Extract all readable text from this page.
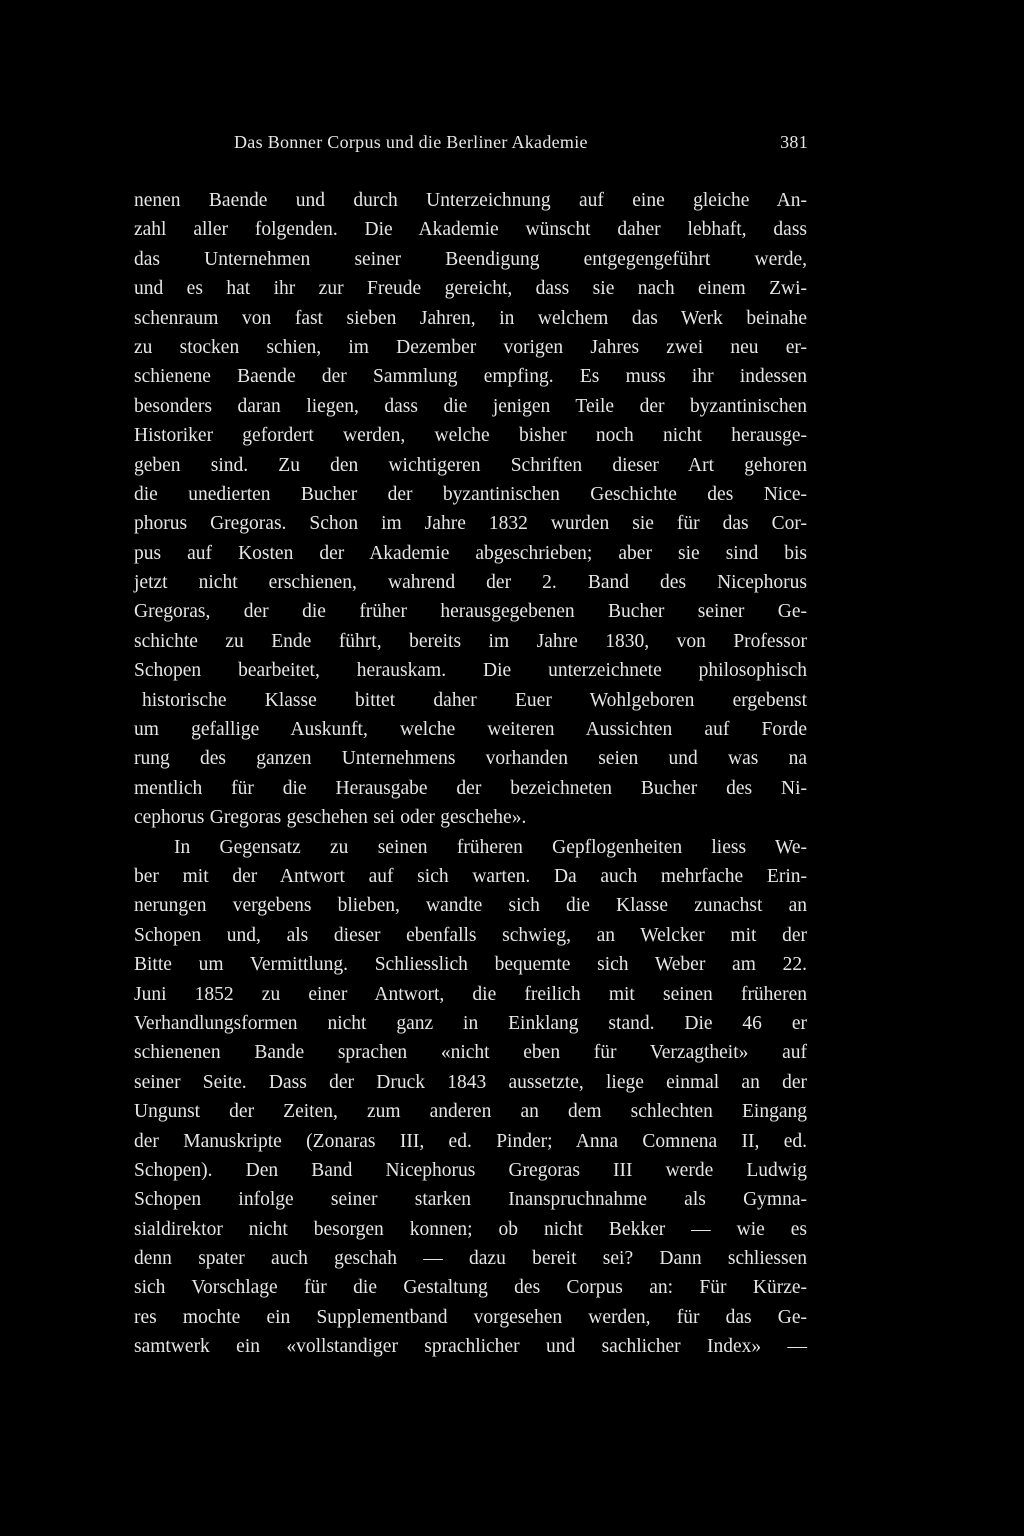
Das Bonner Corpus und die Berliner Akademie	381
nenen Baende und durch Unterzeichnung auf eine gleiche An-
zahl aller folgenden. Die Akademie wünscht daher lebhaft, dass
das Unternehmen seiner Beendigung entgegengeführt werde,
und es hat ihr zur Freude gereicht, dass sie nach einem Zwi-
schenraum von fast sieben Jahren, in welchem das Werk beinahe
zu stocken schien, im Dezember vorigen Jahres zwei neu er-
schienene Baende der Sammlung empfing. Es muss ihr indessen
besonders daran liegen, dass die jenigen Teile der byzantinischen
Historiker gefordert werden, welche bisher noch nicht herausge-
geben sind. Zu den wichtigeren Schriften dieser Art gehoren
die unedierten Bucher der byzantinischen Geschichte des Nice-
phorus Gregoras. Schon im Jahre 1832 wurden sie für das Cor-
pus auf Kosten der Akademie abgeschrieben; aber sie sind bis
jetzt nicht erschienen, wahrend der 2. Band des Nicephorus
Gregoras, der die früher herausgegebenen Bucher seiner Ge-
schichte zu Ende führt, bereits im Jahre 1830, von Professor
Schopen bearbeitet, herauskam. Die unterzeichnete philosophisch
historische Klasse bittet daher Euer Wohlgeboren ergebenst
um gefallige Auskunft, welche weiteren Aussichten auf Forde
rung des ganzen Unternehmens vorhanden seien und was na
mentlich für die Herausgabe der bezeichneten Bucher des Ni-
cephorus Gregoras geschehen sei oder geschehe».
In Gegensatz zu seinen früheren Gepflogenheiten liess We-
ber mit der Antwort auf sich warten. Da auch mehrfache Erin-
nerungen vergebens blieben, wandte sich die Klasse zunachst an
Schopen und, als dieser ebenfalls schwieg, an Welcker mit der
Bitte um Vermittlung. Schliesslich bequemte sich Weber am 22.
Juni 1852 zu einer Antwort, die freilich mit seinen früheren
Verhandlungsformen nicht ganz in Einklang stand. Die 46 er
schienenen Bande sprachen «nicht eben für Verzagtheit» auf
seiner Seite. Dass der Druck 1843 aussetzte, liege einmal an der
Ungunst der Zeiten, zum anderen an dem schlechten Eingang
der Manuskripte (Zonaras III, ed. Pinder; Anna Comnena II, ed.
Schopen). Den Band Nicephorus Gregoras III werde Ludwig
Schopen infolge seiner starken Inanspruchnahme als Gymna-
sialdirektor nicht besorgen konnen; ob nicht Bekker — wie es
denn spater auch geschah — dazu bereit sei? Dann schliessen
sich Vorschlage für die Gestaltung des Corpus an: Für Kürze-
res mochte ein Supplementband vorgesehen werden, für das Ge-
samtwerk ein «vollstandiger sprachlicher und sachlicher Index» —
